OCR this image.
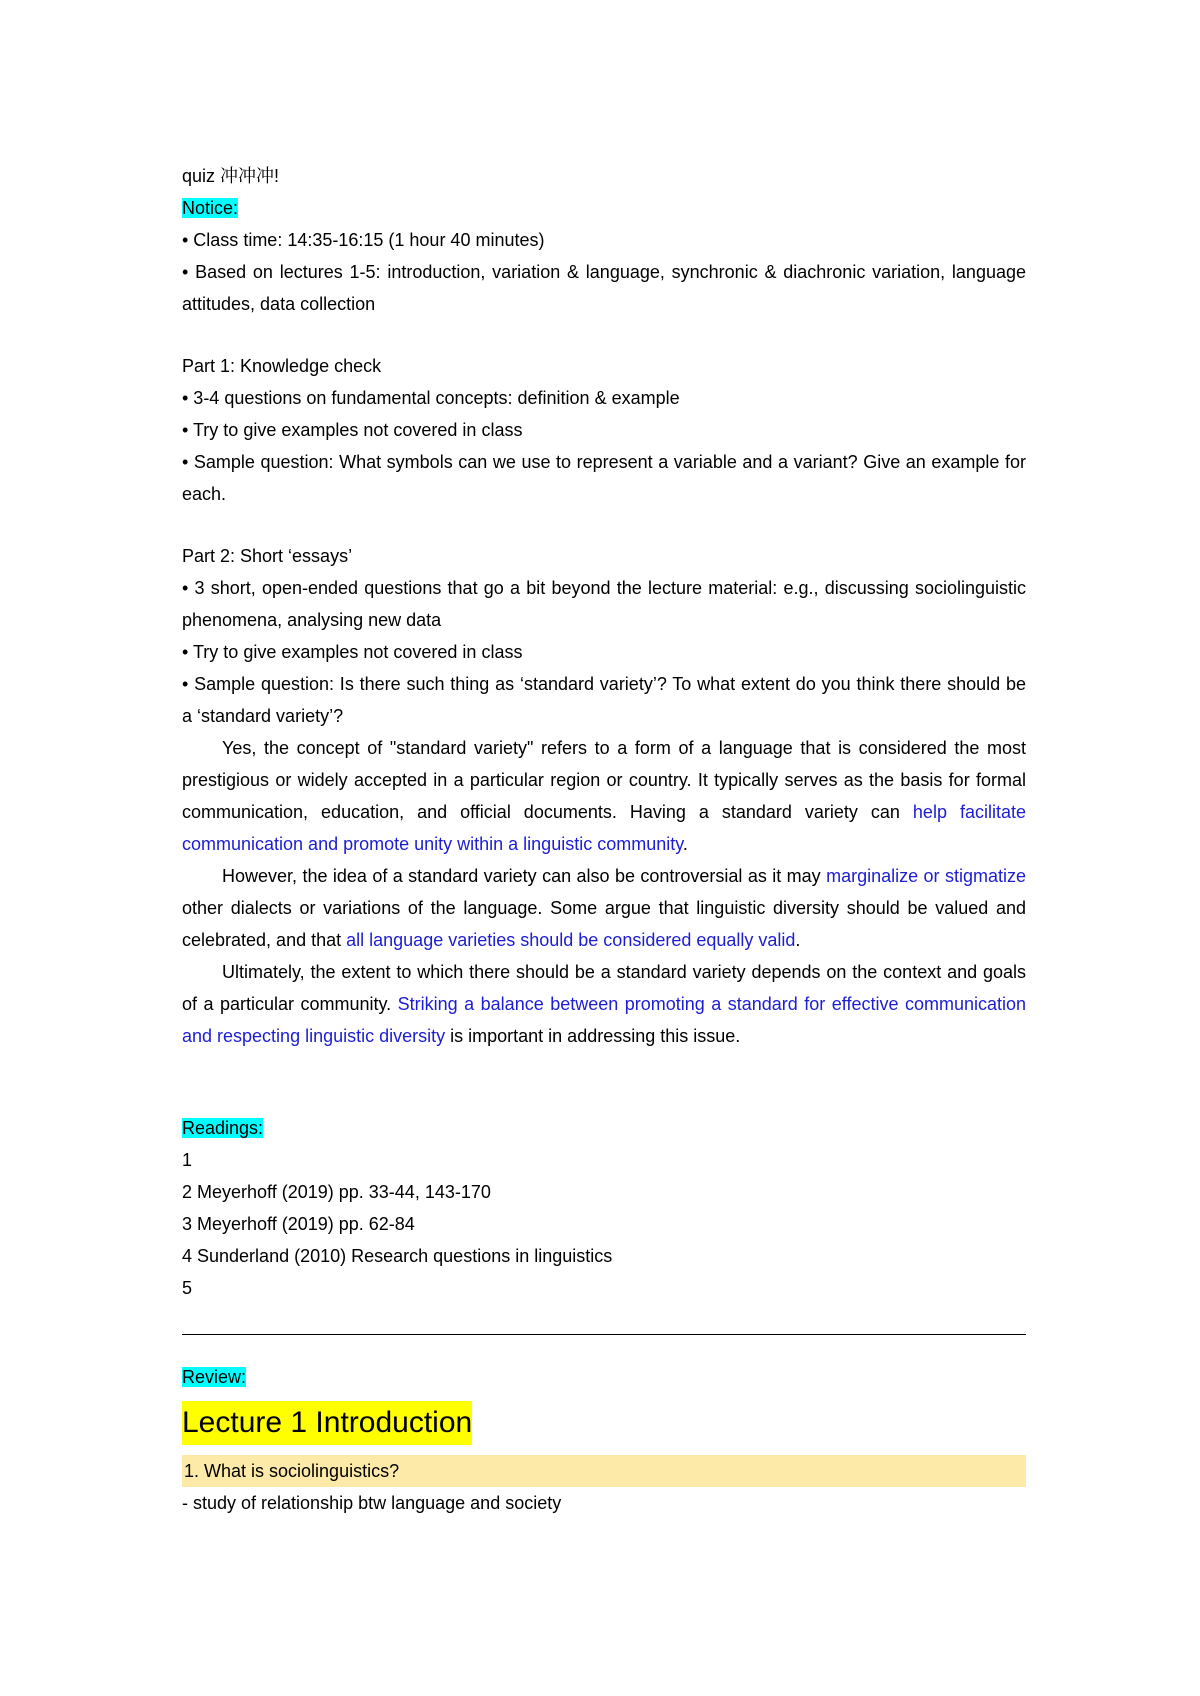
quiz 冲冲冲!
Notice:
• Class time: 14:35-16:15 (1 hour 40 minutes)

• Based on lectures 1-5: introduction, variation & language, synchronic & diachronic variation, language attitudes, data collection

Part 1: Knowledge check
• 3-4 questions on fundamental concepts: definition & example
• Try to give examples not covered in class

• Sample question: What symbols can we use to represent a variable and a variant? Give an example for each.

Part 2: Short ‘essays’

• 3 short, open-ended questions that go a bit beyond the lecture material: e.g., discussing sociolinguistic phenomena, analysing new data

• Try to give examples not covered in class

• Sample question: Is there such thing as ‘standard variety’? To what extent do you think there should be a ‘standard variety’?

Yes, the concept of "standard variety" refers to a form of a language that is considered the most prestigious or widely accepted in a particular region or country. It typically serves as the basis for formal communication, education, and official documents. Having a standard variety can help facilitate communication and promote unity within a linguistic community.

However, the idea of a standard variety can also be controversial as it may marginalize or stigmatize other dialects or variations of the language. Some argue that linguistic diversity should be valued and celebrated, and that all language varieties should be considered equally valid.

Ultimately, the extent to which there should be a standard variety depends on the context and goals of a particular community. Striking a balance between promoting a standard for effective communication and respecting linguistic diversity is important in addressing this issue.

Readings:
1
2 Meyerhoff (2019) pp. 33-44, 143-170
3 Meyerhoff (2019) pp. 62-84
4 Sunderland (2010) Research questions in linguistics
5
Review:
Lecture 1 Introduction
1. What is sociolinguistics?
- study of relationship btw language and society
